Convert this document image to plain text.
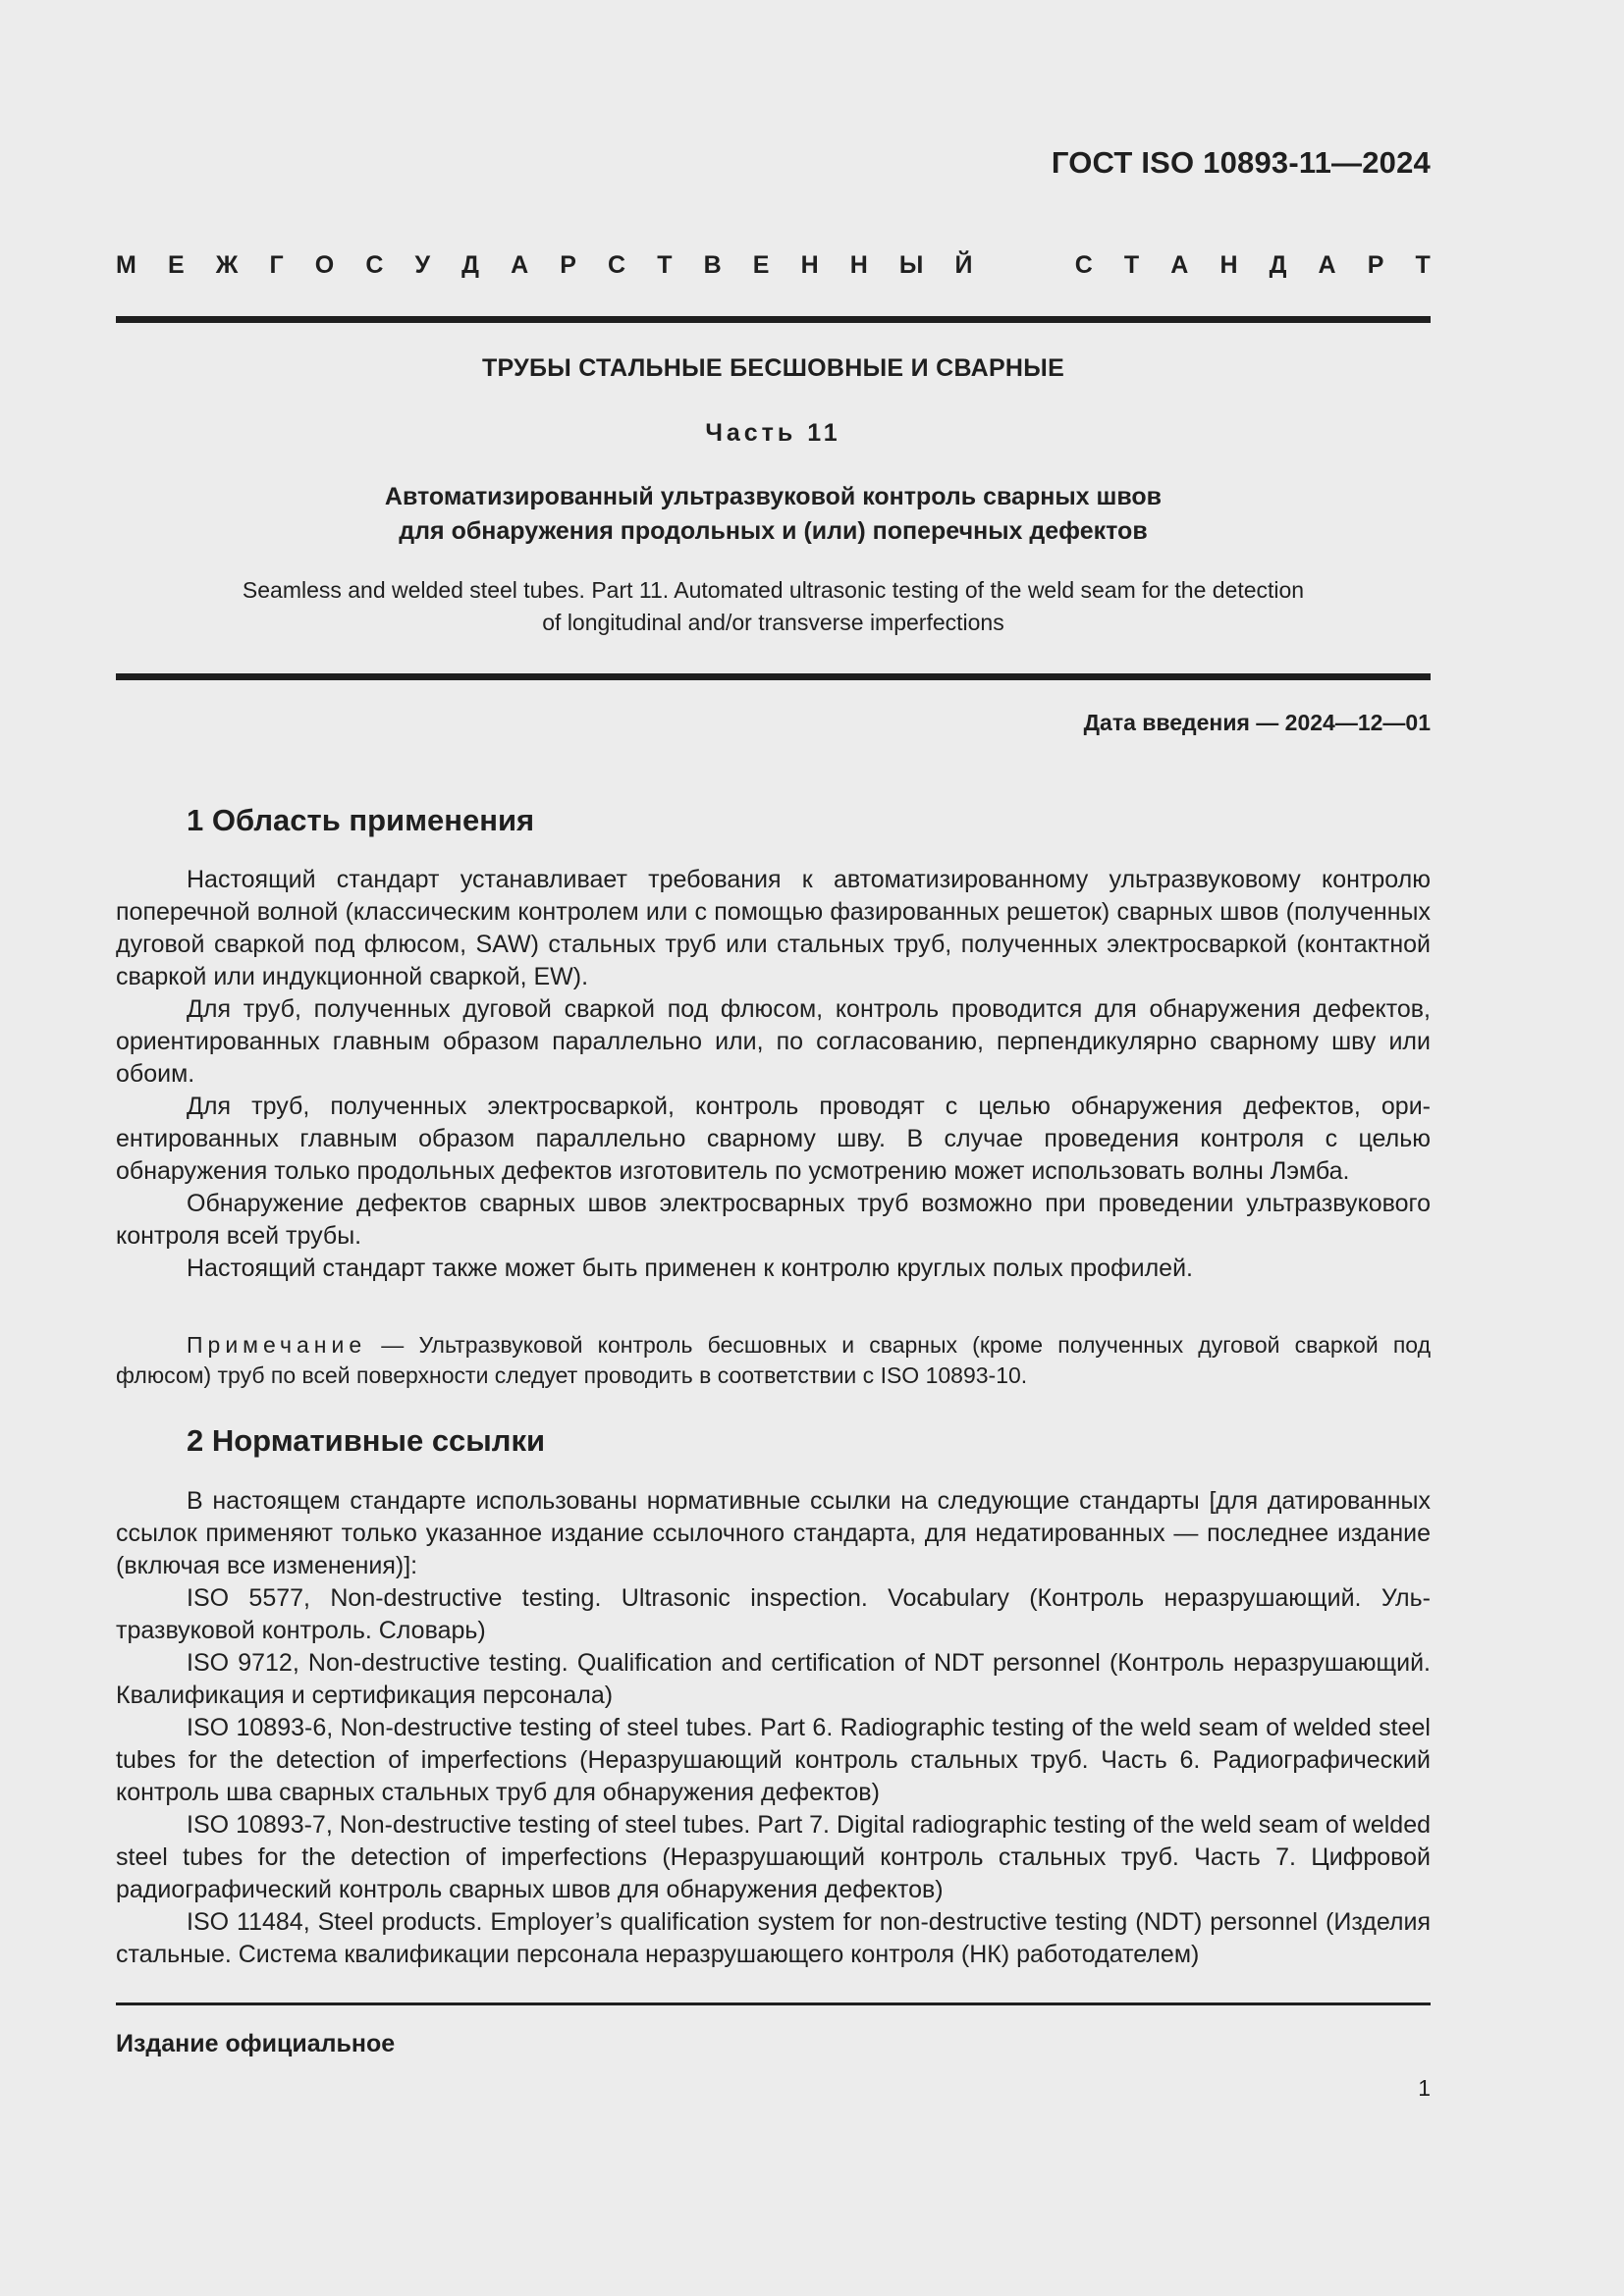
ГОСТ ISO 10893-11—2024
М Е Ж Г О С У Д А Р С Т В Е Н Н Ы Й	С Т А Н Д А Р Т
ТРУБЫ СТАЛЬНЫЕ БЕСШОВНЫЕ И СВАРНЫЕ
Часть 11
Автоматизированный ультразвуковой контроль сварных швов
для обнаружения продольных и (или) поперечных дефектов
Seamless and welded steel tubes. Part 11. Automated ultrasonic testing of the weld seam for the detection
of longitudinal and/or transverse imperfections
Дата введения — 2024—12—01
1 Область применения

Настоящий стандарт устанавливает требования к автоматизированному ультразвуковому контролю поперечной волной (классическим контролем или с помощью фазированных решеток) сварных швов (полученных дуговой сваркой под флюсом, SAW) стальных труб или стальных труб, полученных электросваркой (контактной сваркой или индукционной сваркой, EW).

Для труб, полученных дуговой сваркой под флюсом, контроль проводится для обнаружения дефектов, ориентированных главным образом параллельно или, по согласованию, перпендикулярно сварному шву или обоим.

Для труб, полученных электросваркой, контроль проводят с целью обнаружения дефектов, ориентированных главным образом параллельно сварному шву. В случае проведения контроля с целью обнаружения только продольных дефектов изготовитель по усмотрению может использовать волны Лэмба.

Обнаружение дефектов сварных швов электросварных труб возможно при проведении ультразвукового контроля всей трубы.

Настоящий стандарт также может быть применен к контролю круглых полых профилей.

Примечание — Ультразвуковой контроль бесшовных и сварных (кроме полученных дуговой сваркой под флюсом) труб по всей поверхности следует проводить в соответствии с ISO 10893-10.
2 Нормативные ссылки

В настоящем стандарте использованы нормативные ссылки на следующие стандарты [для датированных ссылок применяют только указанное издание ссылочного стандарта, для недатированных — последнее издание (включая все изменения)]:

ISO 5577, Non-destructive testing. Ultrasonic inspection. Vocabulary (Контроль неразрушающий. Ультразвуковой контроль. Словарь)

ISO 9712, Non-destructive testing. Qualification and certification of NDT personnel (Контроль неразрушающий. Квалификация и сертификация персонала)

ISO 10893-6, Non-destructive testing of steel tubes. Part 6. Radiographic testing of the weld seam of welded steel tubes for the detection of imperfections (Неразрушающий контроль стальных труб. Часть 6. Радиографический контроль шва сварных стальных труб для обнаружения дефектов)

ISO 10893-7, Non-destructive testing of steel tubes. Part 7. Digital radiographic testing of the weld seam of welded steel tubes for the detection of imperfections (Неразрушающий контроль стальных труб. Часть 7. Цифровой радиографический контроль сварных швов для обнаружения дефектов)

ISO 11484, Steel products. Employer’s qualification system for non-destructive testing (NDT) personnel (Изделия стальные. Система квалификации персонала неразрушающего контроля (НК) работодателем)

Издание официальное
1
